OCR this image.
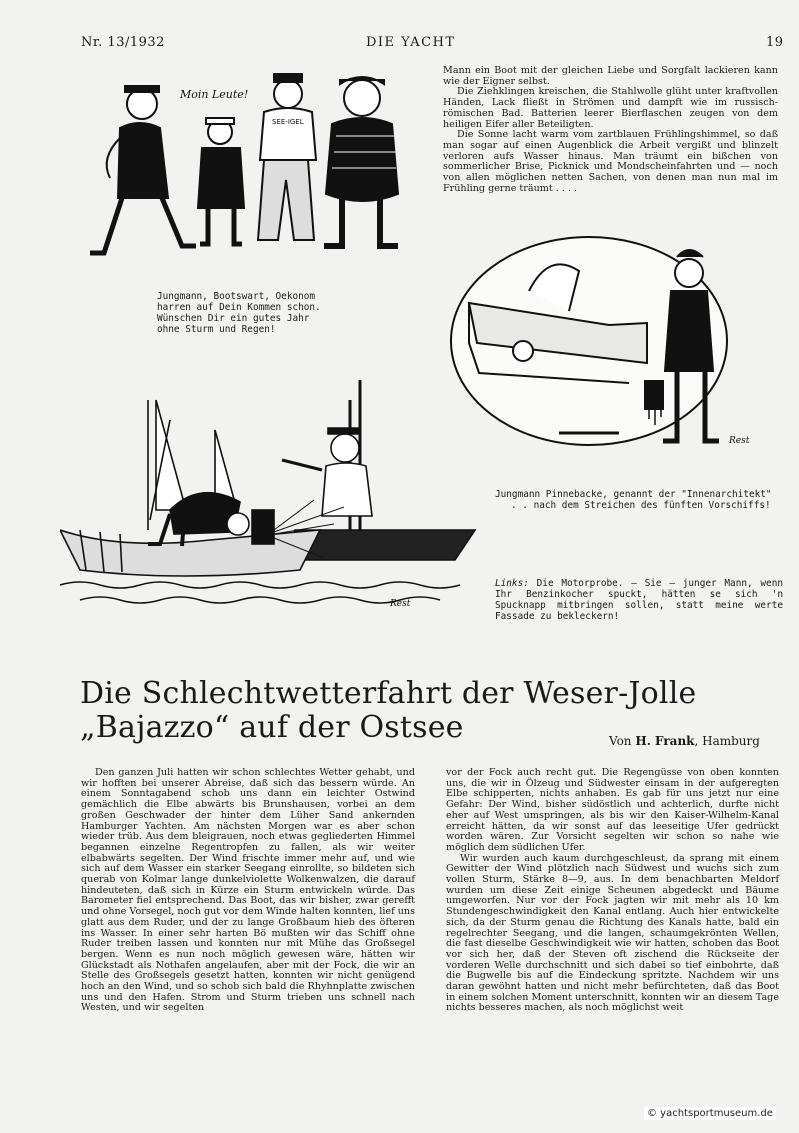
Nr. 13/1932	DIE YACHT	19

Mann ein Boot mit der gleichen Liebe und Sorgfalt lackieren kann wie der Eigner selbst.

Die Ziehklingen kreischen, die Stahlwolle glüht unter kraftvollen Händen, Lack fließt in Strömen und dampft wie im russisch-römischen Bad. Batterien leerer Bierflaschen zeugen von dem heiligen Eifer aller Beteiligten.

Die Sonne lacht warm vom zartblauen Frühlingshimmel, so daß man sogar auf einen Augenblick die Arbeit vergißt und blinzelt verloren aufs Wasser hinaus. Man träumt ein bißchen von sommerlicher Brise, Picknick und Mondscheinfahrten und — noch von allen möglichen netten Sachen, von denen man nun mal im Frühling gerne träumt . . . .

Moin Leute!
SEE-IGEL
Jungmann, Bootswart, Oekonom
harren auf Dein Kommen schon.
Wünschen Dir ein gutes Jahr
ohne Sturm und Regen!
Rest
Jungmann Pinnebacke, genannt der "Innenarchitekt"
. . nach dem Streichen des fünften Vorschiffs!
Rest
Links: Die Motorprobe. — Sie — junger Mann, wenn Ihr Benzinkocher spuckt, hätten se sich 'n Spucknapp mitbringen sollen, statt meine werte Fassade zu bekleckern!
Die Schlechtwetterfahrt der Weser-Jolle
„Bajazzo“ auf der Ostsee	Von H. Frank, Hamburg

Den ganzen Juli hatten wir schon schlechtes Wetter gehabt, und wir hofften bei unserer Abreise, daß sich das bessern würde. An einem Sonntagabend schob uns dann ein leichter Ostwind gemächlich die Elbe abwärts bis Brunshausen, vorbei an dem großen Geschwader der hinter dem Lüher Sand ankernden Hamburger Yachten. Am nächsten Morgen war es aber schon wieder trüb. Aus dem bleigrauen, noch etwas gegliederten Himmel begannen einzelne Regentropfen zu fallen, als wir weiter elbabwärts segelten. Der Wind frischte immer mehr auf, und wie sich auf dem Wasser ein starker Seegang einrollte, so bildeten sich querab von Kolmar lange dunkelviolette Wolkenwalzen, die darauf hindeuteten, daß sich in Kürze ein Sturm entwickeln würde. Das Barometer fiel entsprechend. Das Boot, das wir bisher, zwar gerefft und ohne Vorsegel, noch gut vor dem Winde halten konnten, lief uns glatt aus dem Ruder, und der zu lange Großbaum hieb des öfteren ins Wasser. In einer sehr harten Bö mußten wir das Schiff ohne Ruder treiben lassen und konnten nur mit Mühe das Großsegel bergen. Wenn es nun noch möglich gewesen wäre, hätten wir Glückstadt als Nothafen angelaufen, aber mit der Fock, die wir an Stelle des Großsegels gesetzt hatten, konnten wir nicht genügend hoch an den Wind, und so schob sich bald die Rhyhnplatte zwischen uns und den Hafen. Strom und Sturm trieben uns schnell nach Westen, und wir segelten

vor der Fock auch recht gut. Die Regengüsse von oben konnten uns, die wir in Ölzeug und Südwester einsam in der aufgeregten Elbe schipperten, nichts anhaben. Es gab für uns jetzt nur eine Gefahr: Der Wind, bisher südöstlich und achterlich, durfte nicht eher auf West umspringen, als bis wir den Kaiser-Wilhelm-Kanal erreicht hätten, da wir sonst auf das leeseitige Ufer gedrückt worden wären. Zur Vorsicht segelten wir schon so nahe wie möglich dem südlichen Ufer.

Wir wurden auch kaum durchgeschleust, da sprang mit einem Gewitter der Wind plötzlich nach Südwest und wuchs sich zum vollen Sturm, Stärke 8—9, aus. In dem benachbarten Meldorf wurden um diese Zeit einige Scheunen abgedeckt und Bäume umgeworfen. Nur vor der Fock jagten wir mit mehr als 10 km Stundengeschwindigkeit den Kanal entlang. Auch hier entwickelte sich, da der Sturm genau die Richtung des Kanals hatte, bald ein regelrechter Seegang, und die langen, schaumgekrönten Wellen, die fast dieselbe Geschwindigkeit wie wir hatten, schoben das Boot vor sich her, daß der Steven oft zischend die Rückseite der vorderen Welle durchschnitt und sich dabei so tief einbohrte, daß die Bugwelle bis auf die Eindeckung spritzte. Nachdem wir uns daran gewöhnt hatten und nicht mehr befürchteten, daß das Boot in einem solchen Moment unterschnitt, konnten wir an diesem Tage nichts besseres machen, als noch möglichst weit

© yachtsportmuseum.de
